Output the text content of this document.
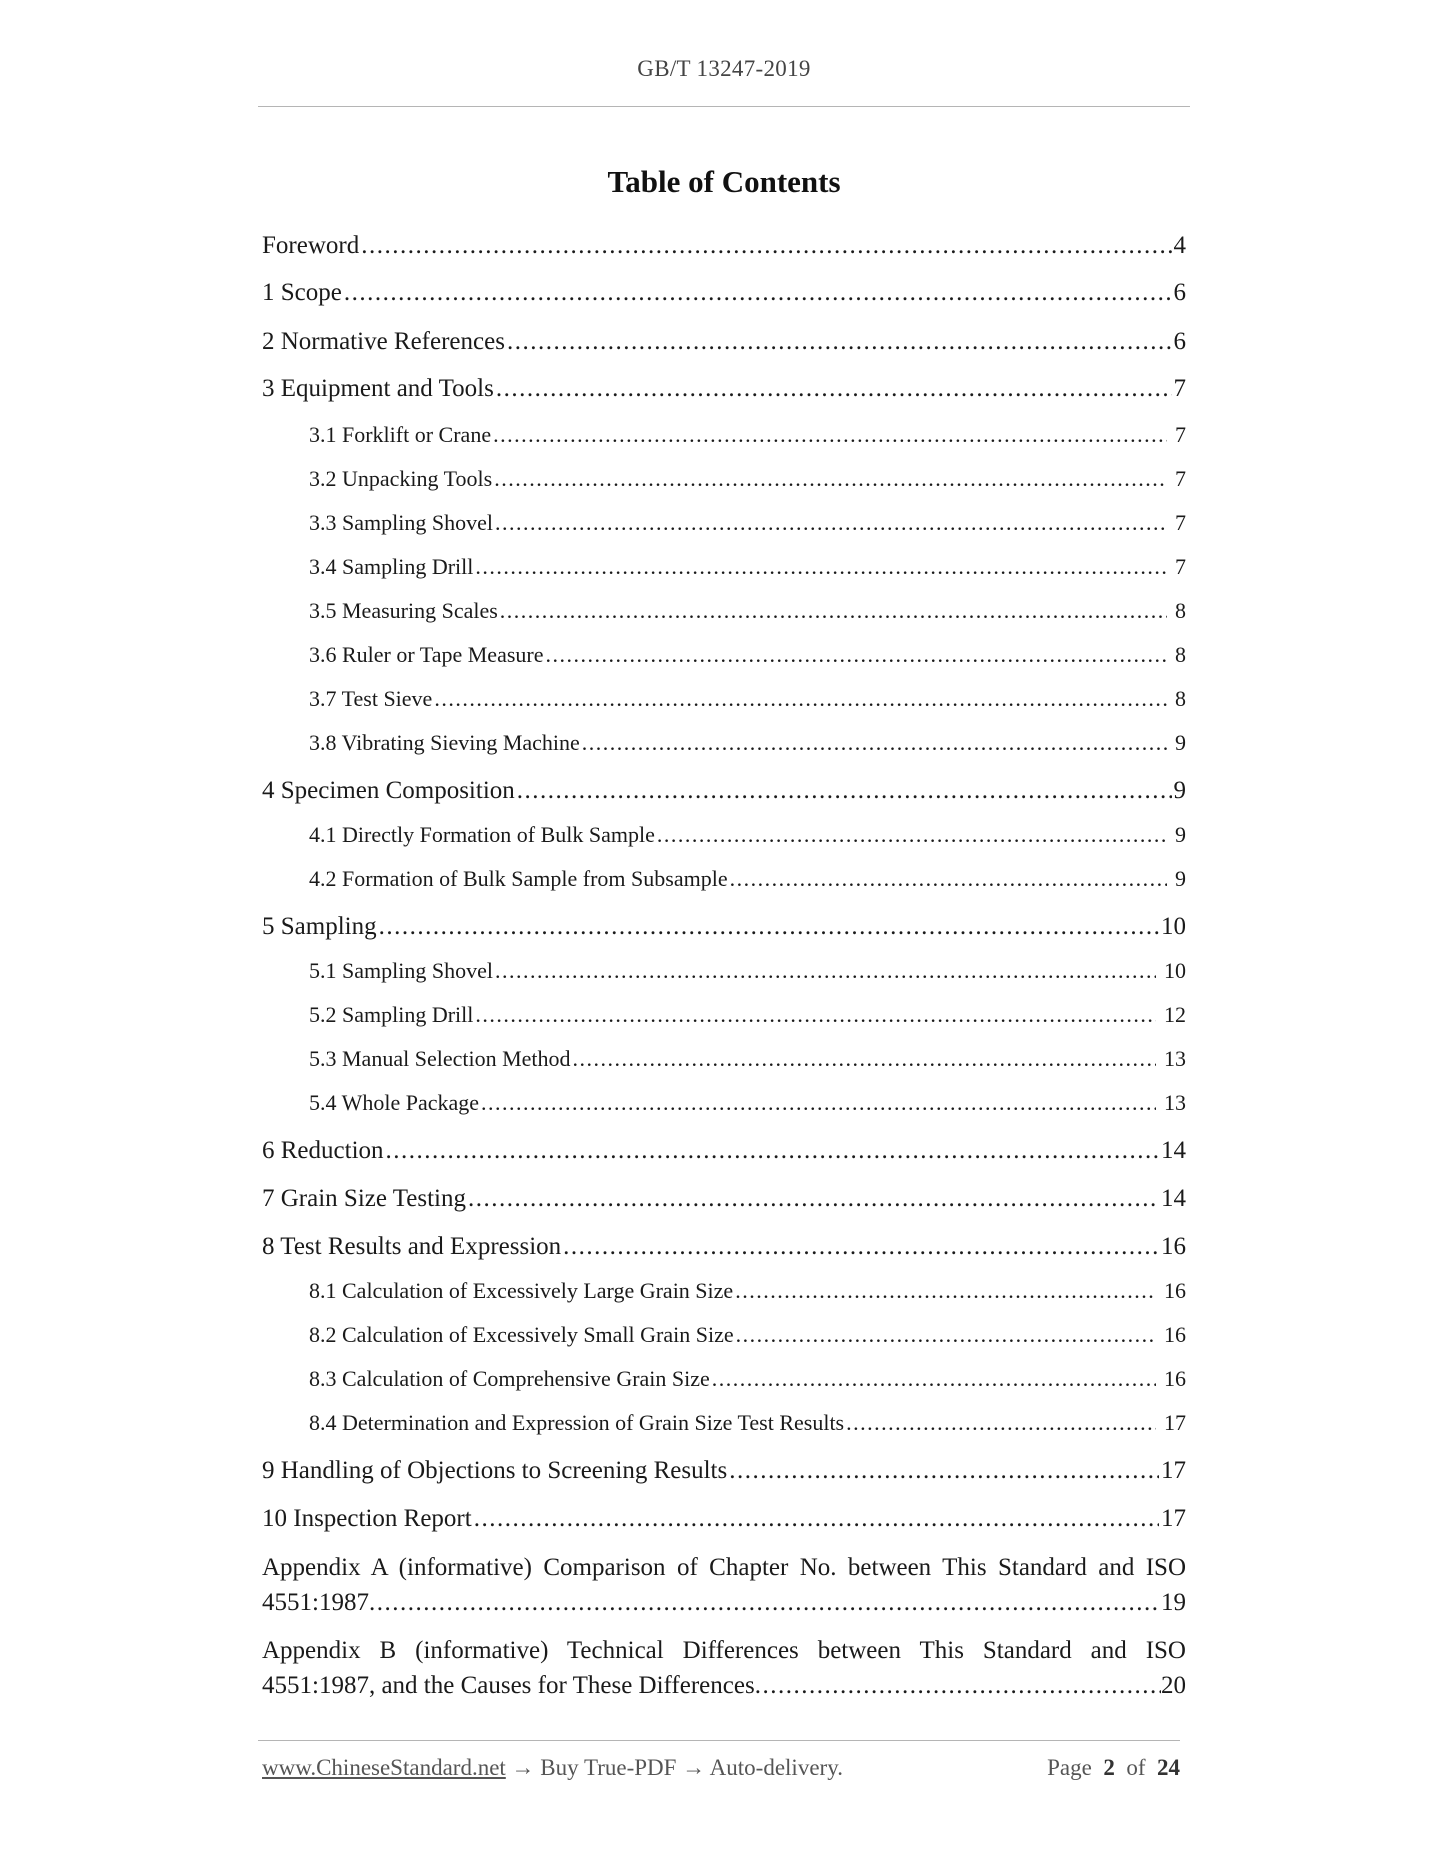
GB/T 13247-2019
Table of Contents
Foreword .....	4
1 Scope .....	6
2 Normative References .....	6
3 Equipment and Tools .....	7
3.1 Forklift or Crane .....	7
3.2 Unpacking Tools .....	7
3.3 Sampling Shovel .....	7
3.4 Sampling Drill .....	7
3.5 Measuring Scales .....	8
3.6 Ruler or Tape Measure .....	8
3.7 Test Sieve .....	8
3.8 Vibrating Sieving Machine .....	9
4 Specimen Composition .....	9
4.1 Directly Formation of Bulk Sample .....	9
4.2 Formation of Bulk Sample from Subsample .....	9
5 Sampling .....	10
5.1 Sampling Shovel .....	10
5.2 Sampling Drill .....	12
5.3 Manual Selection Method .....	13
5.4 Whole Package .....	13
6 Reduction .....	14
7 Grain Size Testing .....	14
8 Test Results and Expression .....	16
8.1 Calculation of Excessively Large Grain Size .....	16
8.2 Calculation of Excessively Small Grain Size .....	16
8.3 Calculation of Comprehensive Grain Size .....	16
8.4 Determination and Expression of Grain Size Test Results .....	17
9 Handling of Objections to Screening Results .....	17
10 Inspection Report .....	17
Appendix A (informative) Comparison of Chapter No. between This Standard and ISO
4551:1987 .....	19
Appendix B (informative) Technical Differences between This Standard and ISO
4551:1987, and the Causes for These Differences .....	20
www.ChineseStandard.net → Buy True-PDF → Auto-delivery.	Page 2 of 24
